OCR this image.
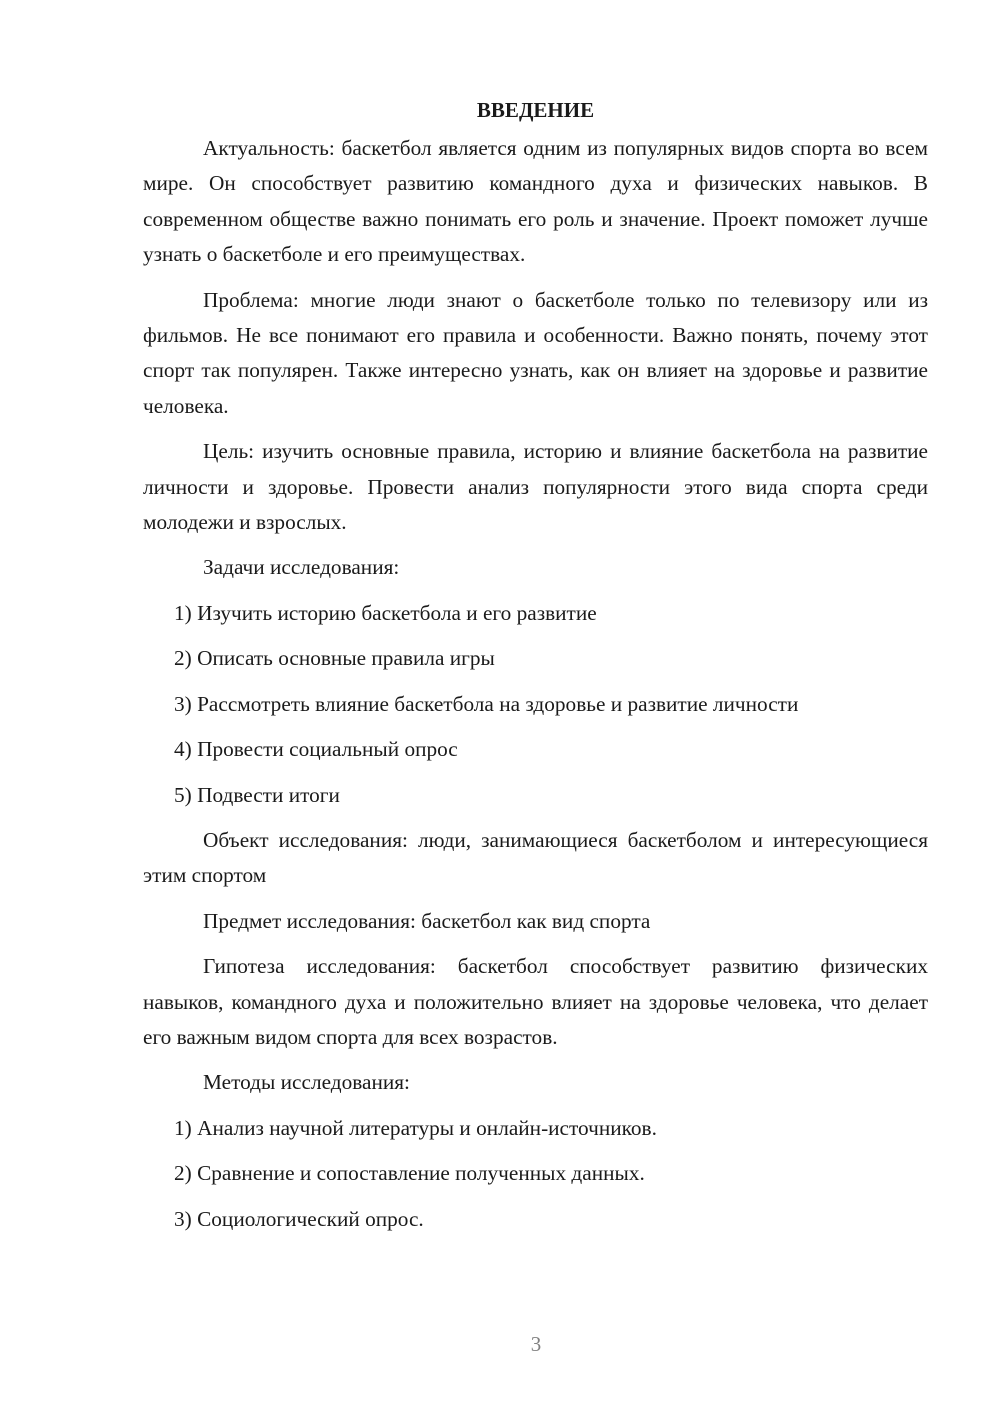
ВВЕДЕНИЕ

Актуальность: баскетбол является одним из популярных видов спорта во всем мире. Он способствует развитию командного духа и физических навыков. В современном обществе важно понимать его роль и значение. Проект поможет лучше узнать о баскетболе и его преимуществах.

Проблема: многие люди знают о баскетболе только по телевизору или из фильмов. Не все понимают его правила и особенности. Важно понять, почему этот спорт так популярен. Также интересно узнать, как он влияет на здоровье и развитие человека.

Цель: изучить основные правила, историю и влияние баскетбола на развитие личности и здоровье. Провести анализ популярности этого вида спорта среди молодежи и взрослых.

Задачи исследования:

1) Изучить историю баскетбола и его развитие
2) Описать основные правила игры
3) Рассмотреть влияние баскетбола на здоровье и развитие личности
4) Провести социальный опрос
5) Подвести итоги

Объект исследования: люди, занимающиеся баскетболом и интересующиеся этим спортом

Предмет исследования: баскетбол как вид спорта

Гипотеза исследования: баскетбол способствует развитию физических навыков, командного духа и положительно влияет на здоровье человека, что делает его важным видом спорта для всех возрастов.

Методы исследования:

1) Анализ научной литературы и онлайн-источников.
2) Сравнение и сопоставление полученных данных.
3) Социологический опрос.
3
